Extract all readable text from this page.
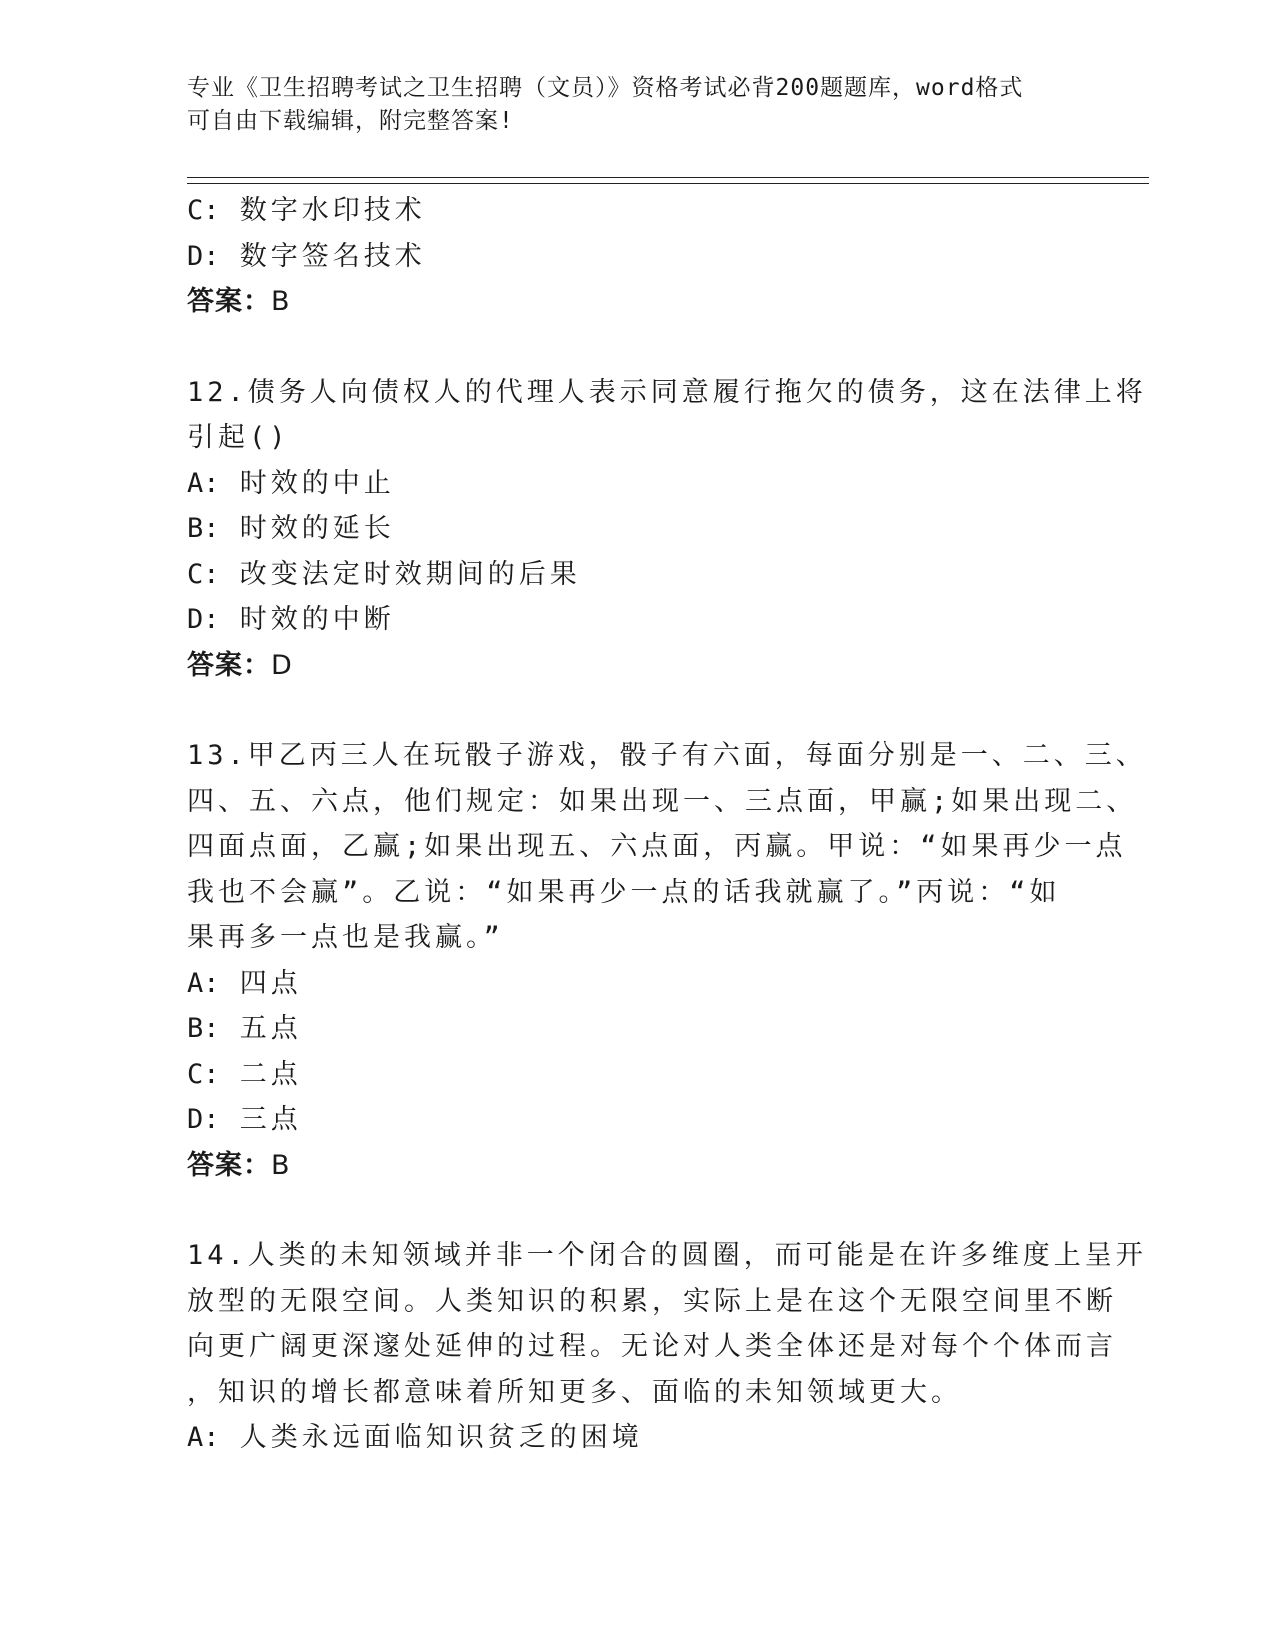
专业《卫生招聘考试之卫生招聘（文员）》资格考试必背200题题库，word格式
可自由下载编辑，附完整答案!
C: 数字水印技术
D: 数字签名技术
答案：B
12.债务人向债权人的代理人表示同意履行拖欠的债务，这在法律上将
引起()
A: 时效的中止
B: 时效的延长
C: 改变法定时效期间的后果
D: 时效的中断
答案：D
13.甲乙丙三人在玩骰子游戏，骰子有六面，每面分别是一、二、三、
四、五、六点，他们规定：如果出现一、三点面，甲赢;如果出现二、
四面点面，乙赢;如果出现五、六点面，丙赢。甲说：“如果再少一点
我也不会赢”。乙说：“如果再少一点的话我就赢了。”丙说：“如
果再多一点也是我赢。”
A: 四点
B: 五点
C: 二点
D: 三点
答案：B
14.人类的未知领域并非一个闭合的圆圈，而可能是在许多维度上呈开
放型的无限空间。人类知识的积累，实际上是在这个无限空间里不断
向更广阔更深邃处延伸的过程。无论对人类全体还是对每个个体而言
，知识的增长都意味着所知更多、面临的未知领域更大。
A: 人类永远面临知识贫乏的困境
